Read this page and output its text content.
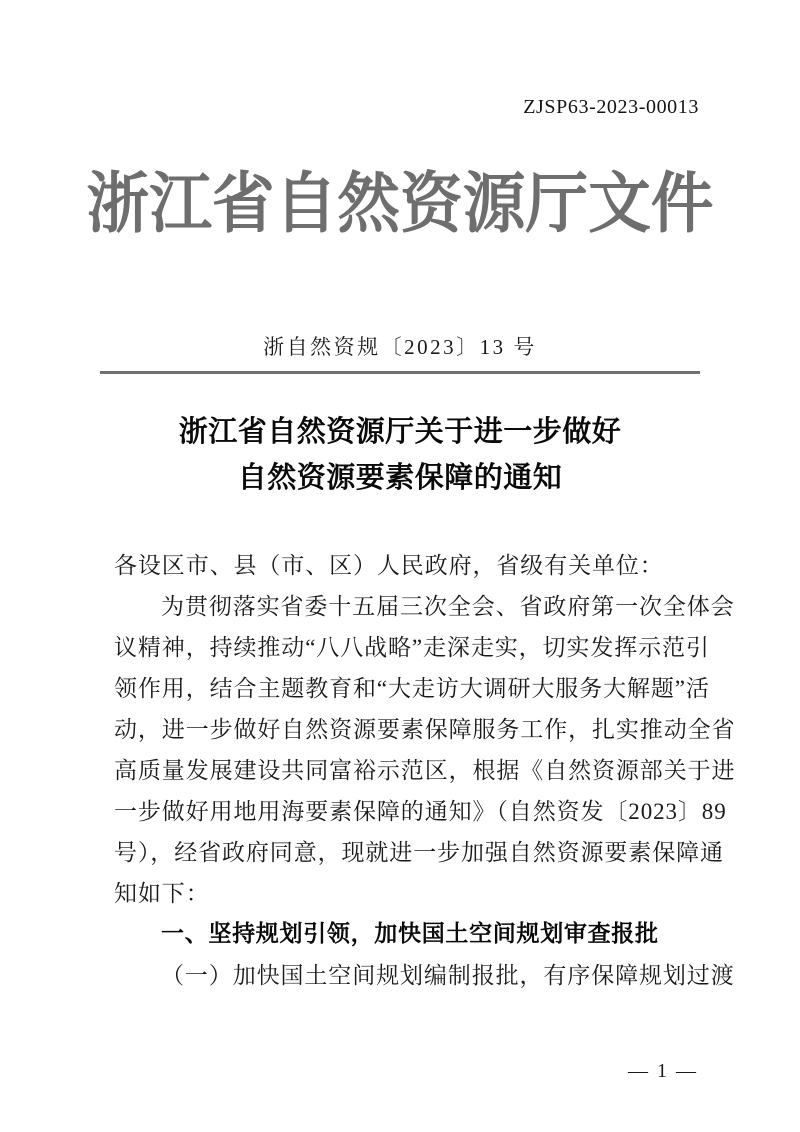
ZJSP63-2023-00013
浙江省自然资源厅文件
浙自然资规〔2023〕13 号
浙江省自然资源厅关于进一步做好
自然资源要素保障的通知
各设区市、县（市、区）人民政府，省级有关单位：
为贯彻落实省委十五届三次全会、省政府第一次全体会
议精神，持续推动“八八战略”走深走实，切实发挥示范引
领作用，结合主题教育和“大走访大调研大服务大解题”活
动，进一步做好自然资源要素保障服务工作，扎实推动全省
高质量发展建设共同富裕示范区，根据《自然资源部关于进
一步做好用地用海要素保障的通知》（自然资发〔2023〕89
号），经省政府同意，现就进一步加强自然资源要素保障通
知如下：
一、坚持规划引领，加快国土空间规划审查报批
（一）加快国土空间规划编制报批，有序保障规划过渡
— 1 —
